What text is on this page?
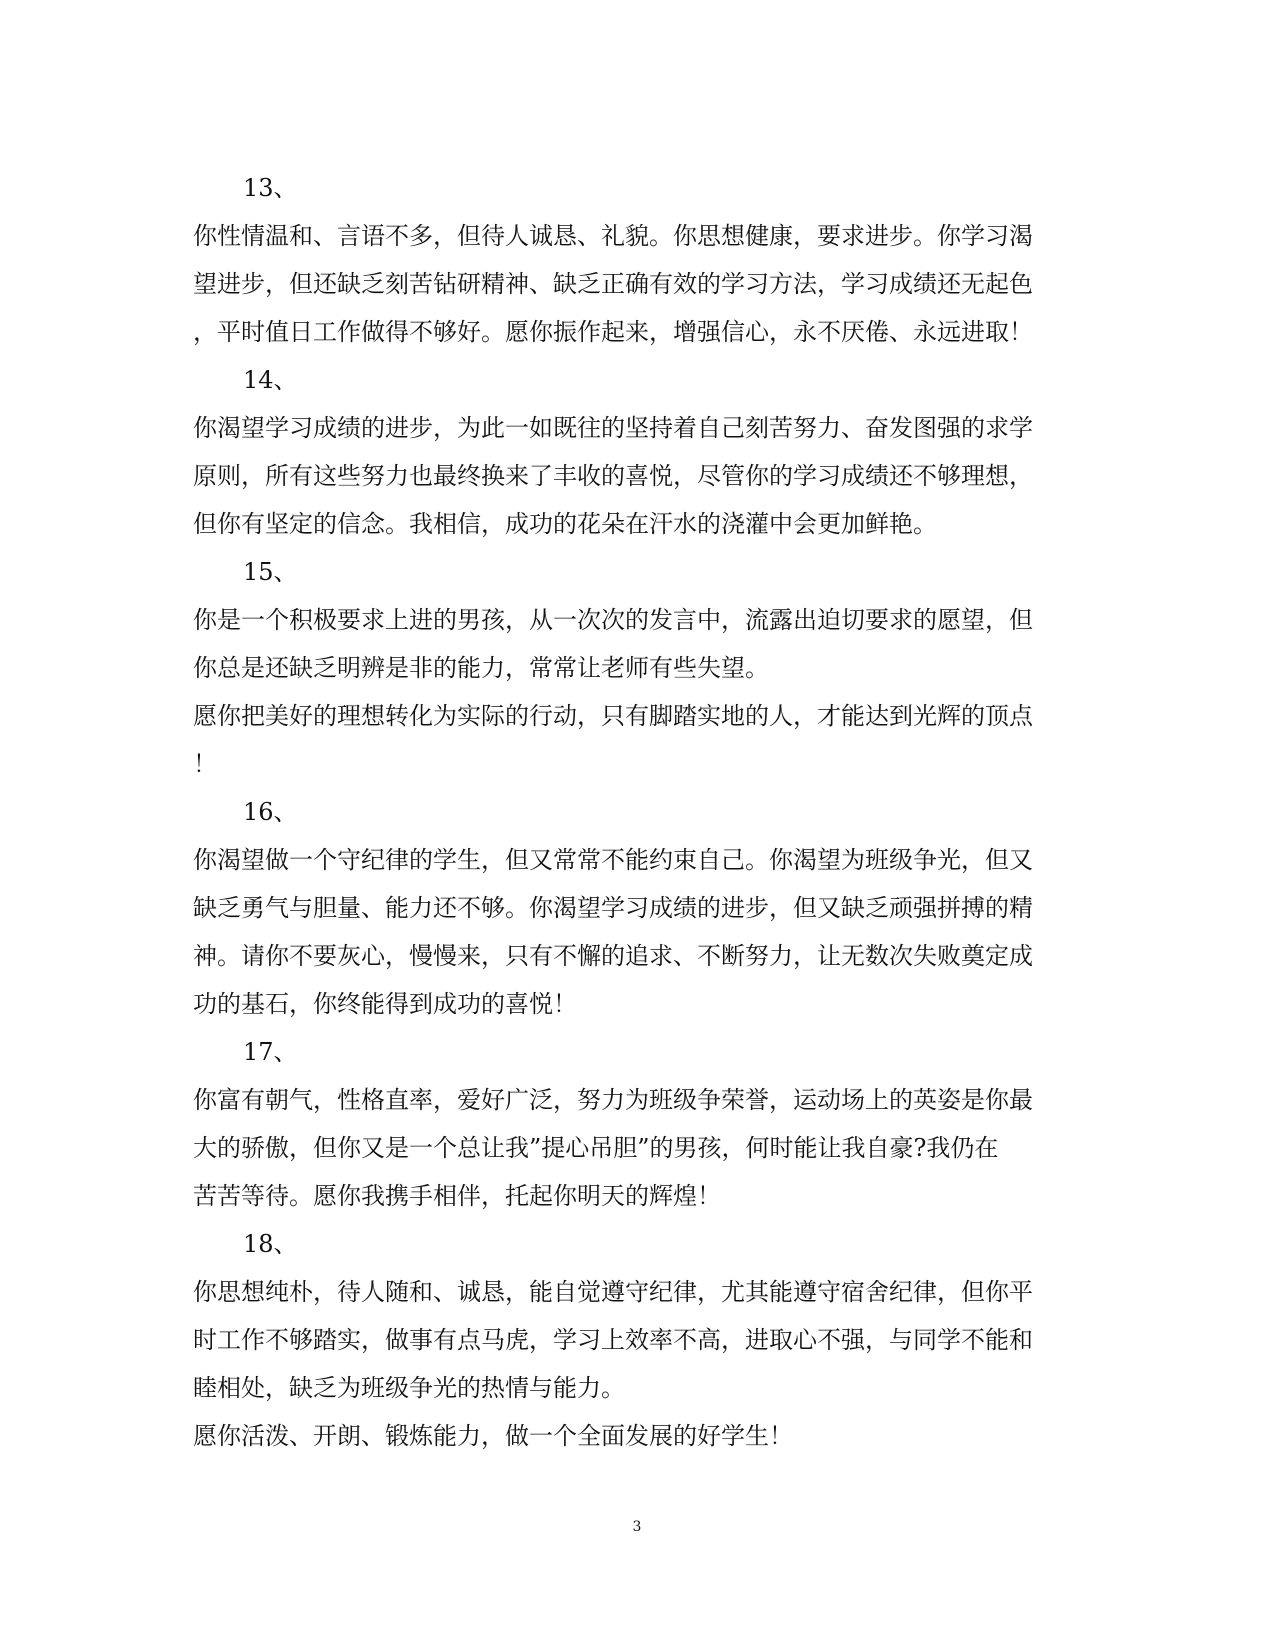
13、
你性情温和、言语不多，但待人诚恳、礼貌。你思想健康，要求进步。你学习渴
望进步，但还缺乏刻苦钻研精神、缺乏正确有效的学习方法，学习成绩还无起色
，平时值日工作做得不够好。愿你振作起来，增强信心，永不厌倦、永远进取！
14、
你渴望学习成绩的进步，为此一如既往的坚持着自己刻苦努力、奋发图强的求学
原则，所有这些努力也最终换来了丰收的喜悦，尽管你的学习成绩还不够理想，
但你有坚定的信念。我相信，成功的花朵在汗水的浇灌中会更加鲜艳。
15、
你是一个积极要求上进的男孩，从一次次的发言中，流露出迫切要求的愿望，但
你总是还缺乏明辨是非的能力，常常让老师有些失望。
愿你把美好的理想转化为实际的行动，只有脚踏实地的人，才能达到光辉的顶点
！
16、
你渴望做一个守纪律的学生，但又常常不能约束自己。你渴望为班级争光，但又
缺乏勇气与胆量、能力还不够。你渴望学习成绩的进步，但又缺乏顽强拼搏的精
神。请你不要灰心，慢慢来，只有不懈的追求、不断努力，让无数次失败奠定成
功的基石，你终能得到成功的喜悦！
17、
你富有朝气，性格直率，爱好广泛，努力为班级争荣誉，运动场上的英姿是你最
大的骄傲，但你又是一个总让我”提心吊胆”的男孩，何时能让我自豪?我仍在
苦苦等待。愿你我携手相伴，托起你明天的辉煌！
18、
你思想纯朴，待人随和、诚恳，能自觉遵守纪律，尤其能遵守宿舍纪律，但你平
时工作不够踏实，做事有点马虎，学习上效率不高，进取心不强，与同学不能和
睦相处，缺乏为班级争光的热情与能力。
愿你活泼、开朗、锻炼能力，做一个全面发展的好学生！
3
